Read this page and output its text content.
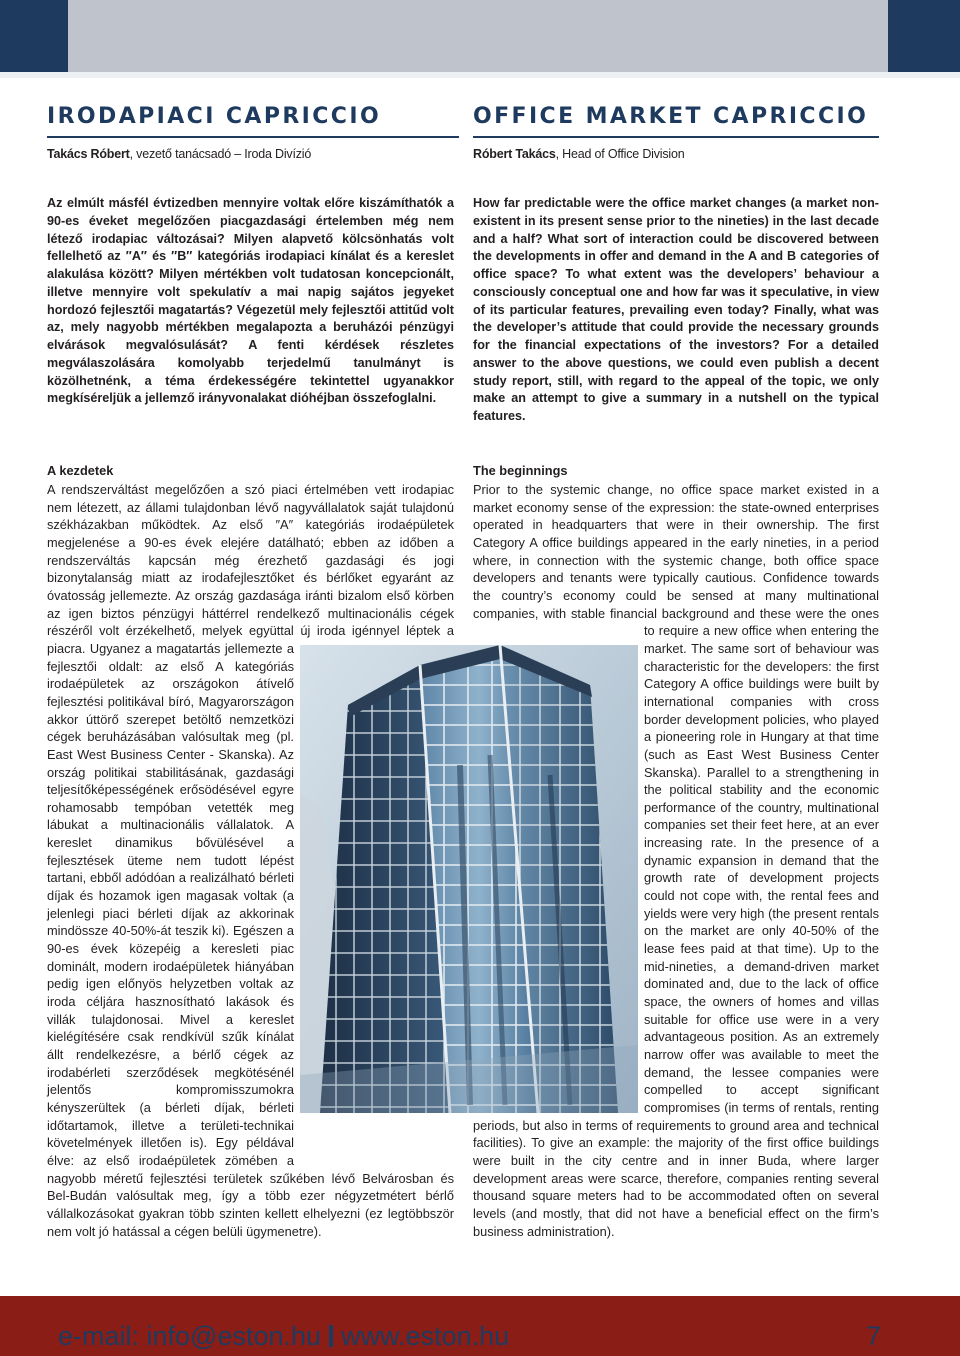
IRODAPIACI CAPRICCIO	OFFICE MARKET CAPRICCIO
Takács Róbert, vezető tanácsadó – Iroda Divízió	Róbert Takács, Head of Office Division

Az elmúlt másfél évtizedben mennyire voltak előre kiszámíthatók a 90-es éveket megelőzően piacgazdasági értelemben még nem létező irodapiac változásai? Milyen alapvető kölcsönhatás volt fellelhető az ″A″ és ″B″ kategóriás irodapiaci kínálat és a kereslet alakulása között? Milyen mértékben volt tudatosan koncepcionált, illetve mennyire volt spekulatív a mai napig sajátos jegyeket hordozó fejlesztői magatartás? Végezetül mely fejlesztői attitűd volt az, mely nagyobb mértékben megalapozta a beruházói pénzügyi elvárások megvalósulását? A fenti kérdések részletes megválaszolására komolyabb terjedelmű tanulmányt is közölhetnénk, a téma érdekességére tekintettel ugyanakkor megkíséreljük a jellemző irányvonalakat dióhéjban összefoglalni.

How far predictable were the office market changes (a market non-existent in its present sense prior to the nineties) in the last decade and a half? What sort of interaction could be discovered between the developments in offer and demand in the A and B categories of office space? To what extent was the developers’ behaviour a consciously conceptual one and how far was it speculative, in view of its particular features, prevailing even today? Finally, what was the developer’s attitude that could provide the necessary grounds for the financial expectations of the investors? For a detailed answer to the above questions, we could even publish a decent study report, still, with regard to the appeal of the topic, we only make an attempt to give a summary in a nutshell on the typical features.

A kezdetek	The beginnings

A rendszerváltást megelőzően a szó piaci értelmében vett irodapiac nem létezett, az állami tulajdonban lévő nagyvállalatok saját tulajdonú székházakban működtek. Az első ″A″ kategóriás irodaépületek megjelenése a 90-es évek elejére datálható; ebben az időben a rendszerváltás kapcsán még érezhető gazdasági és jogi bizonytalanság miatt az irodafejlesztőket és bérlőket egyaránt az óvatosság jellemezte. Az ország gazdasága iránti bizalom első körben az igen biztos pénzügyi háttérrel rendelkező multinacionális cégek részéről volt érzékelhető, melyek együttal új iroda igénnyel léptek a piacra. Ugyanez a magatartás jellemezte a fejlesztői oldalt: az első A kategóriás irodaépületek az országokon átívelő fejlesztési politikával bíró, Magyarországon akkor úttörő szerepet betöltő nemzetközi cégek beruházásában valósultak meg (pl. East West Business Center - Skanska). Az ország politikai stabilitásának, gazdasági teljesítőképességének erősödésével egyre rohamosabb tempóban vetették meg lábukat a multinacionális vállalatok. A kereslet dinamikus bővülésével a fejlesztések üteme nem tudott lépést tartani, ebből adódóan a realizálható bérleti díjak és hozamok igen magasak voltak (a jelenlegi piaci bérleti díjak az akkorinak mindössze 40-50%-át teszik ki). Egészen a 90-es évek közepéig a keresleti piac dominált, modern irodaépületek hiányában pedig igen előnyös helyzetben voltak az iroda céljára hasznosítható lakások és villák tulajdonosai. Mivel a kereslet kielégítésére csak rendkívül szűk kínálat állt rendelkezésre, a bérlő cégek az irodabérleti szerződések megkötésénél jelentős kompromisszumokra kényszerültek (a bérleti díjak, bérleti időtartamok, illetve a területi-technikai követelmények illetően is). Egy példával élve: az első irodaépületek zömében a nagyobb méretű fejlesztési területek szűkében lévő Belvárosban és Bel-Budán valósultak meg, így a több ezer négyzetmétert bérlő vállalkozásokat gyakran több szinten kellett elhelyezni (ez legtöbbször nem volt jó hatással a cégen belüli ügymenetre).

Prior to the systemic change, no office space market existed in a market economy sense of the expression: the state-owned enterprises operated in headquarters that were in their ownership. The first Category A office buildings appeared in the early nineties, in a period where, in connection with the systemic change, both office space developers and tenants were typically cautious. Confidence towards the country’s economy could be sensed at many multinational companies, with stable financial background and these were the ones to require a new office when entering the market. The same sort of behaviour was characteristic for the developers: the first Category A office buildings were built by international companies with cross border development policies, who played a pioneering role in Hungary at that time (such as East West Business Center Skanska). Parallel to a strengthening in the political stability and the economic performance of the country, multinational companies set their feet here, at an ever increasing rate. In the presence of a dynamic expansion in demand that the growth rate of development projects could not cope with, the rental fees and yields were very high (the present rentals on the market are only 40-50% of the lease fees paid at that time). Up to the mid-nineties, a demand-driven market dominated and, due to the lack of office space, the owners of homes and villas suitable for office use were in a very advantageous position. As an extremely narrow offer was available to meet the demand, the lessee companies were compelled to accept significant compromises (in terms of rentals, renting periods, but also in terms of requirements to ground area and technical facilities). To give an example: the majority of the first office buildings were built in the city centre and in inner Buda, where larger development areas were scarce, therefore, companies renting several thousand square meters had to be accommodated often on several levels (and mostly, that did not have a beneficial effect on the firm’s business administration).

e-mail: info@eston.hu www.eston.hu	7
